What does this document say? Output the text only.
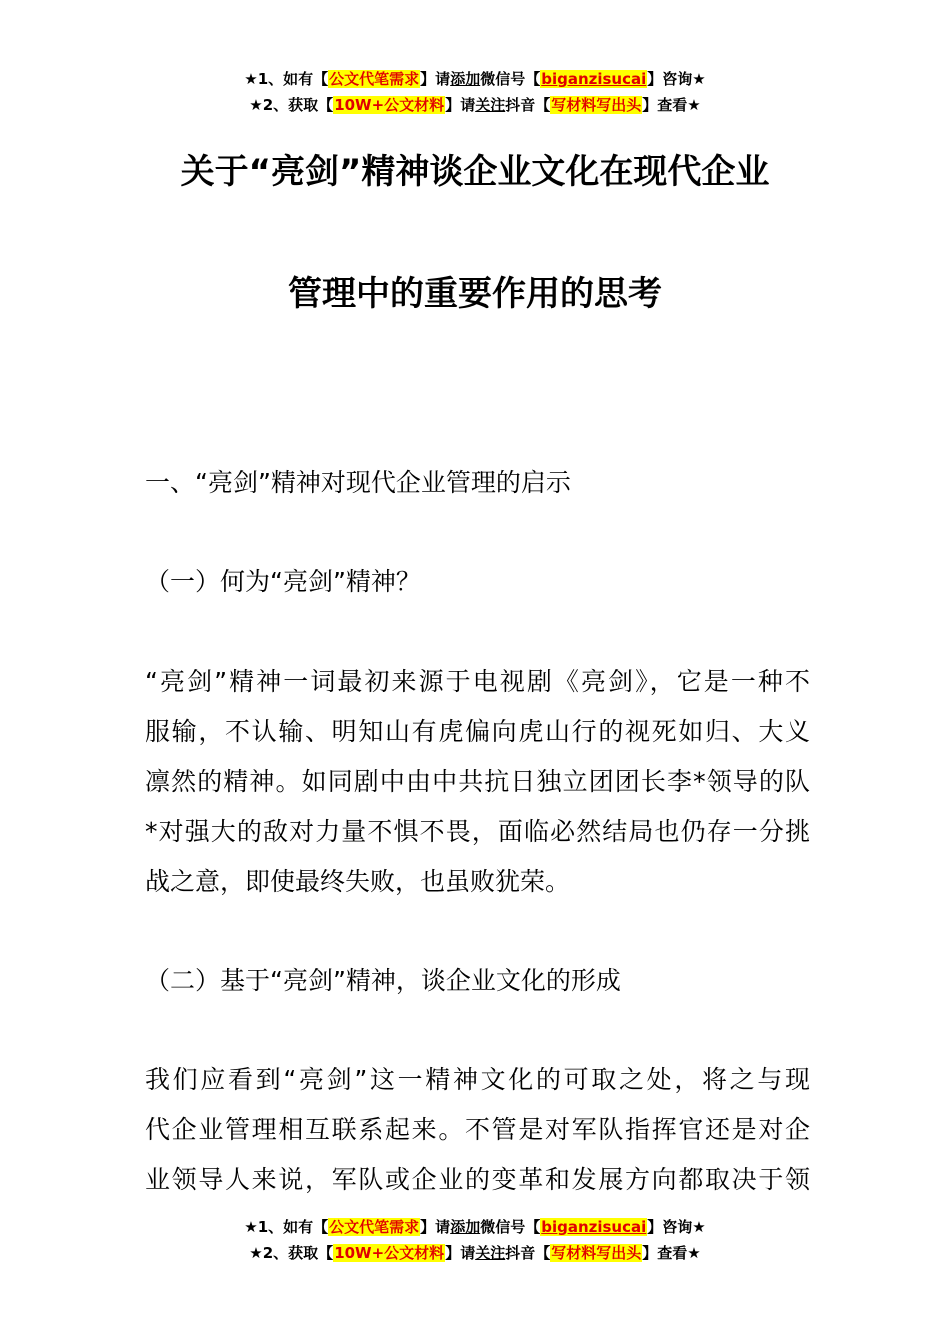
★1、如有【公文代笔需求】请添加微信号【biganzisucai】咨询★
★2、获取【10W+公文材料】请关注抖音【写材料写出头】查看★
关于“亮剑”精神谈企业文化在现代企业
管理中的重要作用的思考
一、“亮剑”精神对现代企业管理的启示
（一）何为“亮剑”精神？
“亮剑”精神一词最初来源于电视剧《亮剑》，它是一种不
服输，不认输、明知山有虎偏向虎山行的视死如归、大义
凛然的精神。如同剧中由中共抗日独立团团长李*领导的队
*对强大的敌对力量不惧不畏，面临必然结局也仍存一分挑
战之意，即使最终失败，也虽败犹荣。
（二）基于“亮剑”精神，谈企业文化的形成
我们应看到“亮剑”这一精神文化的可取之处，将之与现
代企业管理相互联系起来。不管是对军队指挥官还是对企
业领导人来说，军队或企业的变革和发展方向都取决于领
★1、如有【公文代笔需求】请添加微信号【biganzisucai】咨询★
★2、获取【10W+公文材料】请关注抖音【写材料写出头】查看★
